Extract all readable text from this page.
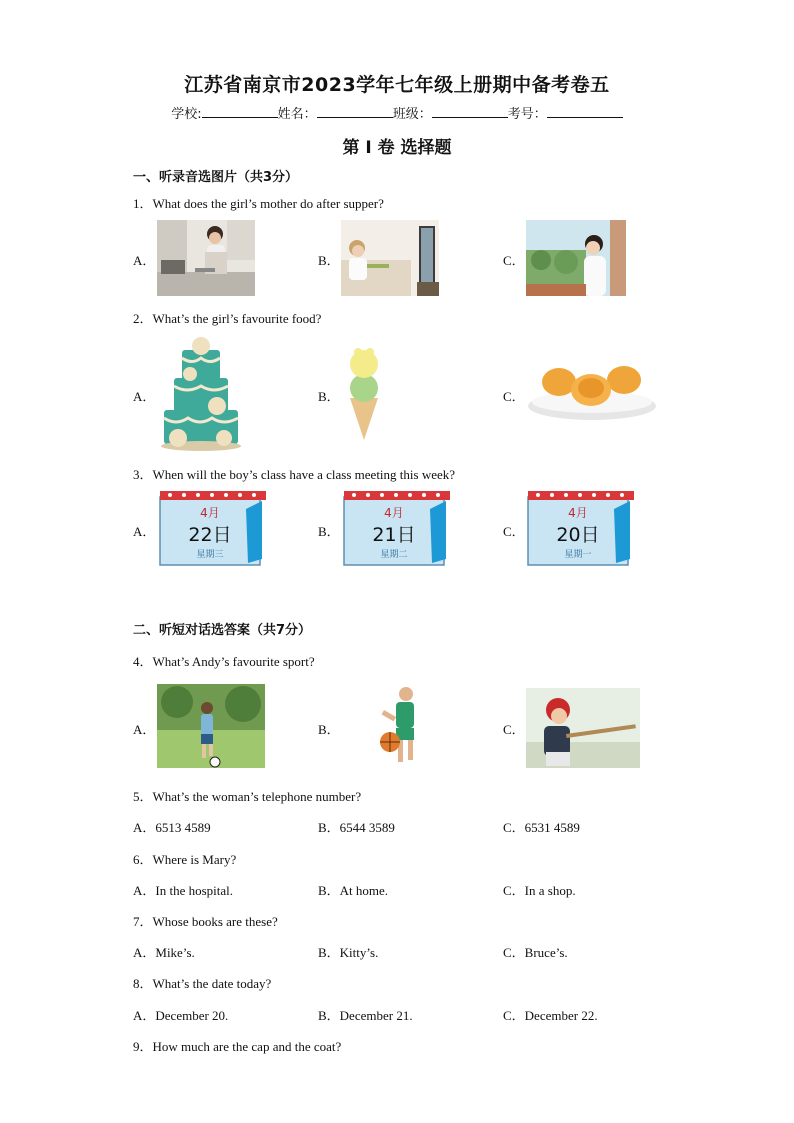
江苏省南京市2023学年七年级上册期中备考卷五
学校:	姓名：	班级：	考号：
第 I 卷 选择题
一、听录音选图片（共3分）
1．What does the girl’s mother do after supper?
A．	B．	C．
2．What’s the girl’s favourite food?
A．	B．	C．
3．When will the boy’s class have a class meeting this week?
A．	B．	C．
4月
22日
星期三
4月
21日
星期二
4月
20日
星期一
二、听短对话选答案（共7分）
4．What’s Andy’s favourite sport?
A．	B．	C．
5．What’s the woman’s telephone number?
A．6513 4589	B．6544 3589	C．6531 4589
6．Where is Mary?
A．In the hospital.	B．At home.	C．In a shop.
7．Whose books are these?
A．Mike’s.	B．Kitty’s.	C．Bruce’s.
8．What’s the date today?
A．December 20.	B．December 21.	C．December 22.
9．How much are the cap and the coat?
